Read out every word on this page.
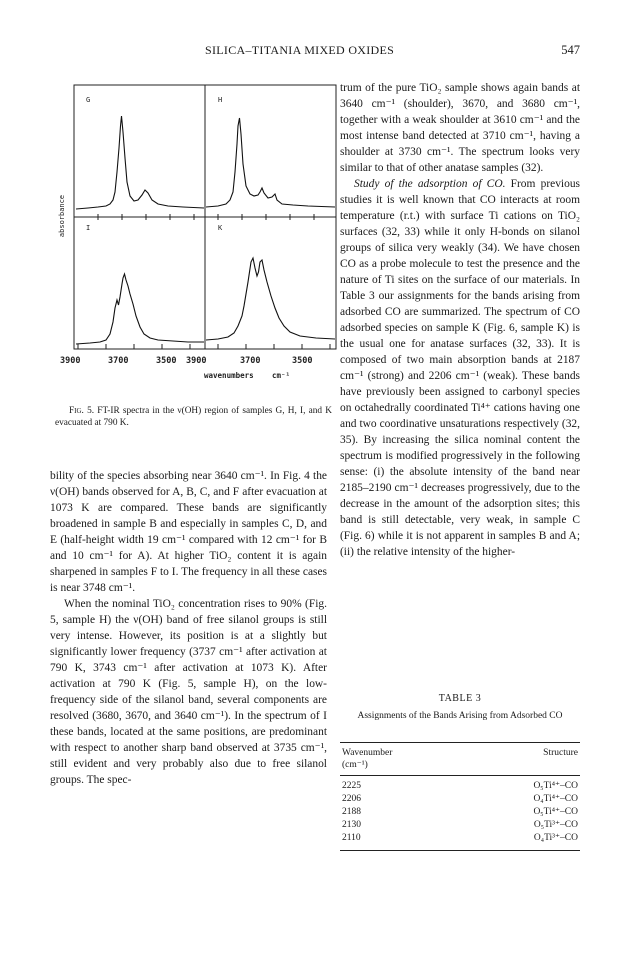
SILICA–TITANIA MIXED OXIDES	547
G	H
I	K
absorbance
3900	3700	3500 3900	3700	3500
wavenumbers cm⁻¹
Fig. 5. FT-IR spectra in the ν(OH) region of samples G, H, I, and K evacuated at 790 K.

bility of the species absorbing near 3640 cm⁻¹. In Fig. 4 the ν(OH) bands observed for A, B, C, and F after evacuation at 1073 K are compared. These bands are significantly broadened in sample B and especially in samples C, D, and E (half-height width 19 cm⁻¹ compared with 12 cm⁻¹ for B and 10 cm⁻¹ for A). At higher TiO₂ content it is again sharpened in samples F to I. The frequency in all these cases is near 3748 cm⁻¹.

When the nominal TiO₂ concentration rises to 90% (Fig. 5, sample H) the ν(OH) band of free silanol groups is still very intense. However, its position is at a slightly but significantly lower frequency (3737 cm⁻¹ after activation at 790 K, 3743 cm⁻¹ after activation at 1073 K). After activation at 790 K (Fig. 5, sample H), on the low-frequency side of the silanol band, several components are resolved (3680, 3670, and 3640 cm⁻¹). In the spectrum of I these bands, located at the same positions, are predominant with respect to another sharp band observed at 3735 cm⁻¹, still evident and very probably also due to free silanol groups. The spec-

trum of the pure TiO₂ sample shows again bands at 3640 cm⁻¹ (shoulder), 3670, and 3680 cm⁻¹, together with a weak shoulder at 3610 cm⁻¹ and the most intense band detected at 3710 cm⁻¹, having a shoulder at 3730 cm⁻¹. The spectrum looks very similar to that of other anatase samples (32).

Study of the adsorption of CO. From previous studies it is well known that CO interacts at room temperature (r.t.) with surface Ti cations on TiO₂ surfaces (32, 33) while it only H-bonds on silanol groups of silica very weakly (34). We have chosen CO as a probe molecule to test the presence and the nature of Ti sites on the surface of our materials. In Table 3 our assignments for the bands arising from adsorbed CO are summarized. The spectrum of CO adsorbed species on sample K (Fig. 6, sample K) is the usual one for anatase surfaces (32, 33). It is composed of two main absorption bands at 2187 cm⁻¹ (strong) and 2206 cm⁻¹ (weak). These bands have previously been assigned to carbonyl species on octahedrally coordinated Ti⁴⁺ cations having one and two coordinative unsaturations respectively (32, 35). By increasing the silica nominal content the spectrum is modified progressively in the following sense: (i) the absolute intensity of the band near 2185–2190 cm⁻¹ decreases progressively, due to the decrease in the amount of the adsorption sites; this band is still detectable, very weak, in sample C (Fig. 6) while it is not apparent in samples B and A; (ii) the relative intensity of the higher-

TABLE 3
Assignments of the Bands Arising from Adsorbed CO
Wavenumber
(cm⁻¹)	Structure
2225	O₅Ti⁴⁺–CO
2206	O₄Ti⁴⁺–CO
2188	O₅Ti⁴⁺–CO
2130	O₅Ti³⁺–CO
2110	O₄Ti³⁺–CO
